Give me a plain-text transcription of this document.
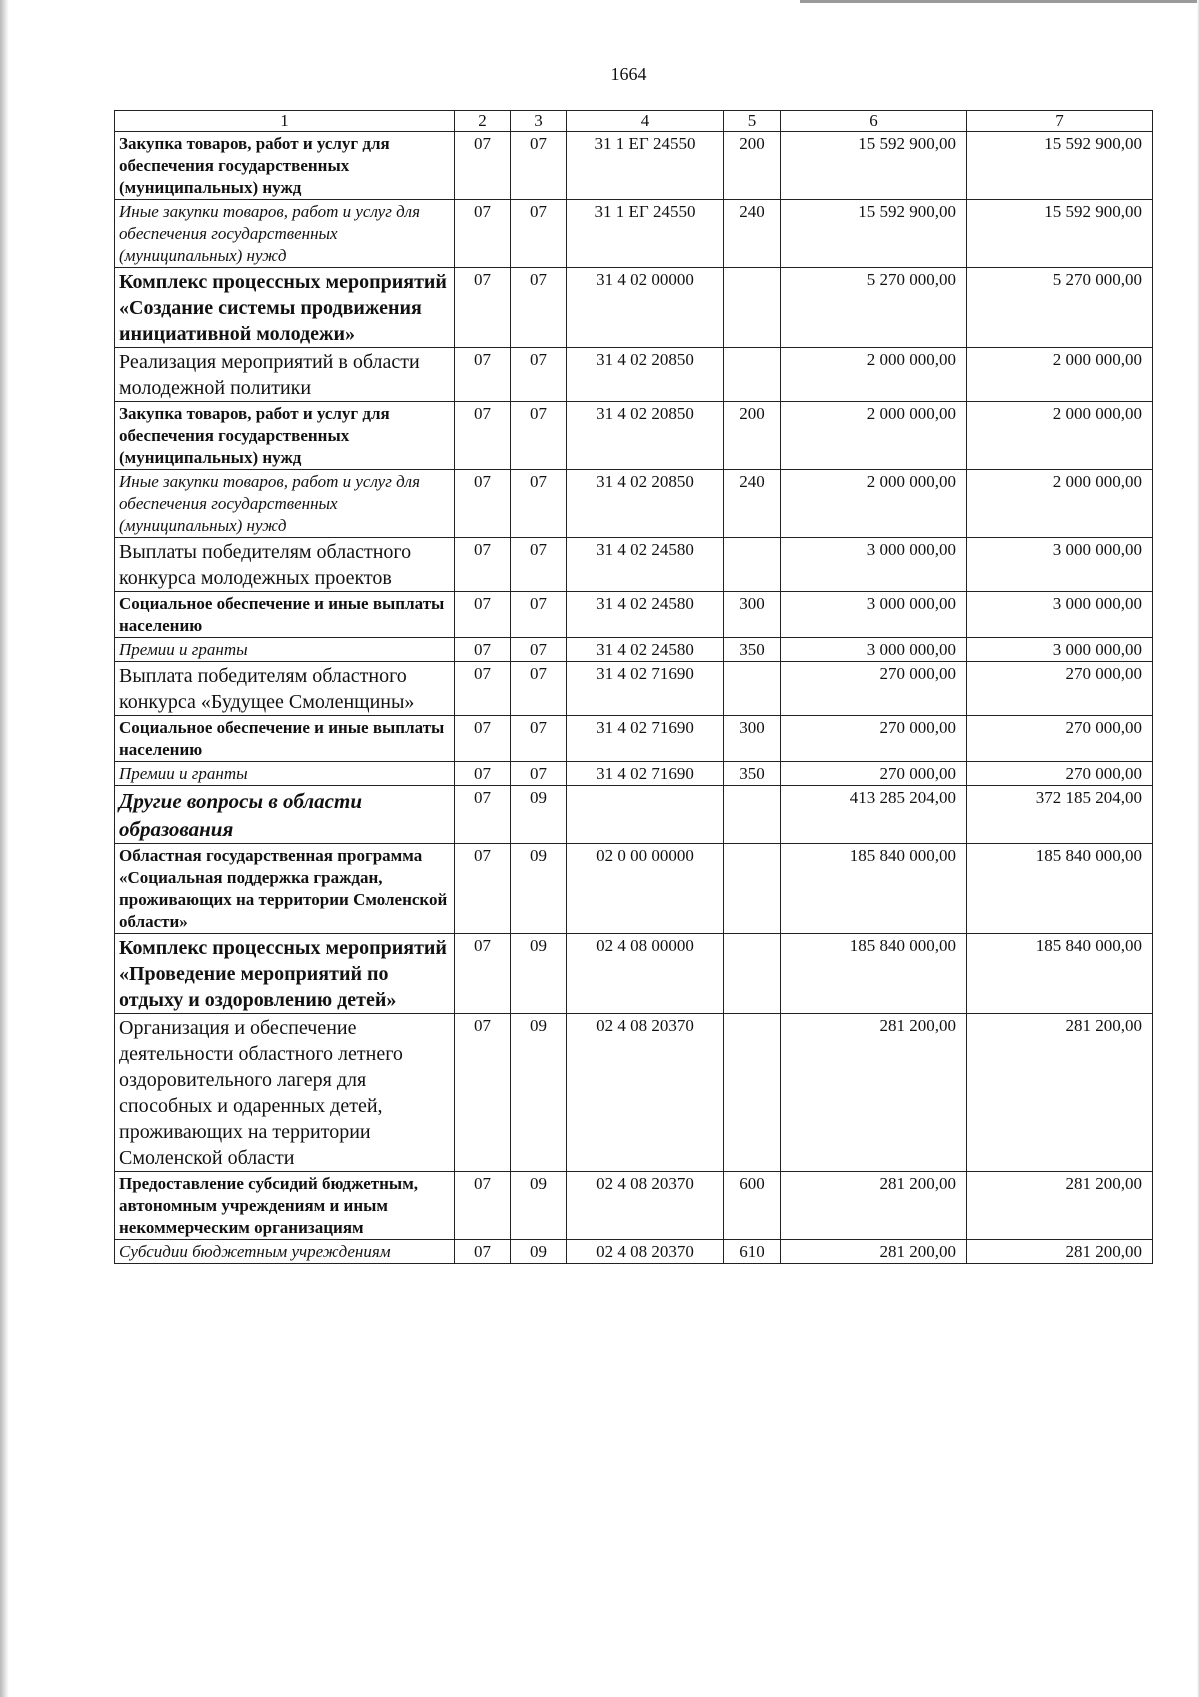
1664
1	2	3	4	5	6	7
Закупка товаров, работ и услуг для обеспечения государственных (муниципальных) нужд	07	07	31 1 ЕГ 24550	200	15 592 900,00	15 592 900,00
Иные закупки товаров, работ и услуг для обеспечения государственных (муниципальных) нужд	07	07	31 1 ЕГ 24550	240	15 592 900,00	15 592 900,00
Комплекс процессных мероприятий «Создание системы продвижения инициативной молодежи»	07	07	31 4 02 00000		5 270 000,00	5 270 000,00
Реализация мероприятий в области молодежной политики	07	07	31 4 02 20850		2 000 000,00	2 000 000,00
Закупка товаров, работ и услуг для обеспечения государственных (муниципальных) нужд	07	07	31 4 02 20850	200	2 000 000,00	2 000 000,00
Иные закупки товаров, работ и услуг для обеспечения государственных (муниципальных) нужд	07	07	31 4 02 20850	240	2 000 000,00	2 000 000,00
Выплаты победителям областного конкурса молодежных проектов	07	07	31 4 02 24580		3 000 000,00	3 000 000,00
Социальное обеспечение и иные выплаты населению	07	07	31 4 02 24580	300	3 000 000,00	3 000 000,00
Премии и гранты	07	07	31 4 02 24580	350	3 000 000,00	3 000 000,00
Выплата победителям областного конкурса «Будущее Смоленщины»	07	07	31 4 02 71690		270 000,00	270 000,00
Социальное обеспечение и иные выплаты населению	07	07	31 4 02 71690	300	270 000,00	270 000,00
Премии и гранты	07	07	31 4 02 71690	350	270 000,00	270 000,00
Другие вопросы в области образования	07	09			413 285 204,00	372 185 204,00
Областная государственная программа «Социальная поддержка граждан, проживающих на территории Смоленской области»	07	09	02 0 00 00000		185 840 000,00	185 840 000,00
Комплекс процессных мероприятий «Проведение мероприятий по отдыху и оздоровлению детей»	07	09	02 4 08 00000		185 840 000,00	185 840 000,00
Организация и обеспечение деятельности областного летнего оздоровительного лагеря для способных и одаренных детей, проживающих на территории Смоленской области	07	09	02 4 08 20370		281 200,00	281 200,00
Предоставление субсидий бюджетным, автономным учреждениям и иным некоммерческим организациям	07	09	02 4 08 20370	600	281 200,00	281 200,00
Субсидии бюджетным учреждениям	07	09	02 4 08 20370	610	281 200,00	281 200,00
